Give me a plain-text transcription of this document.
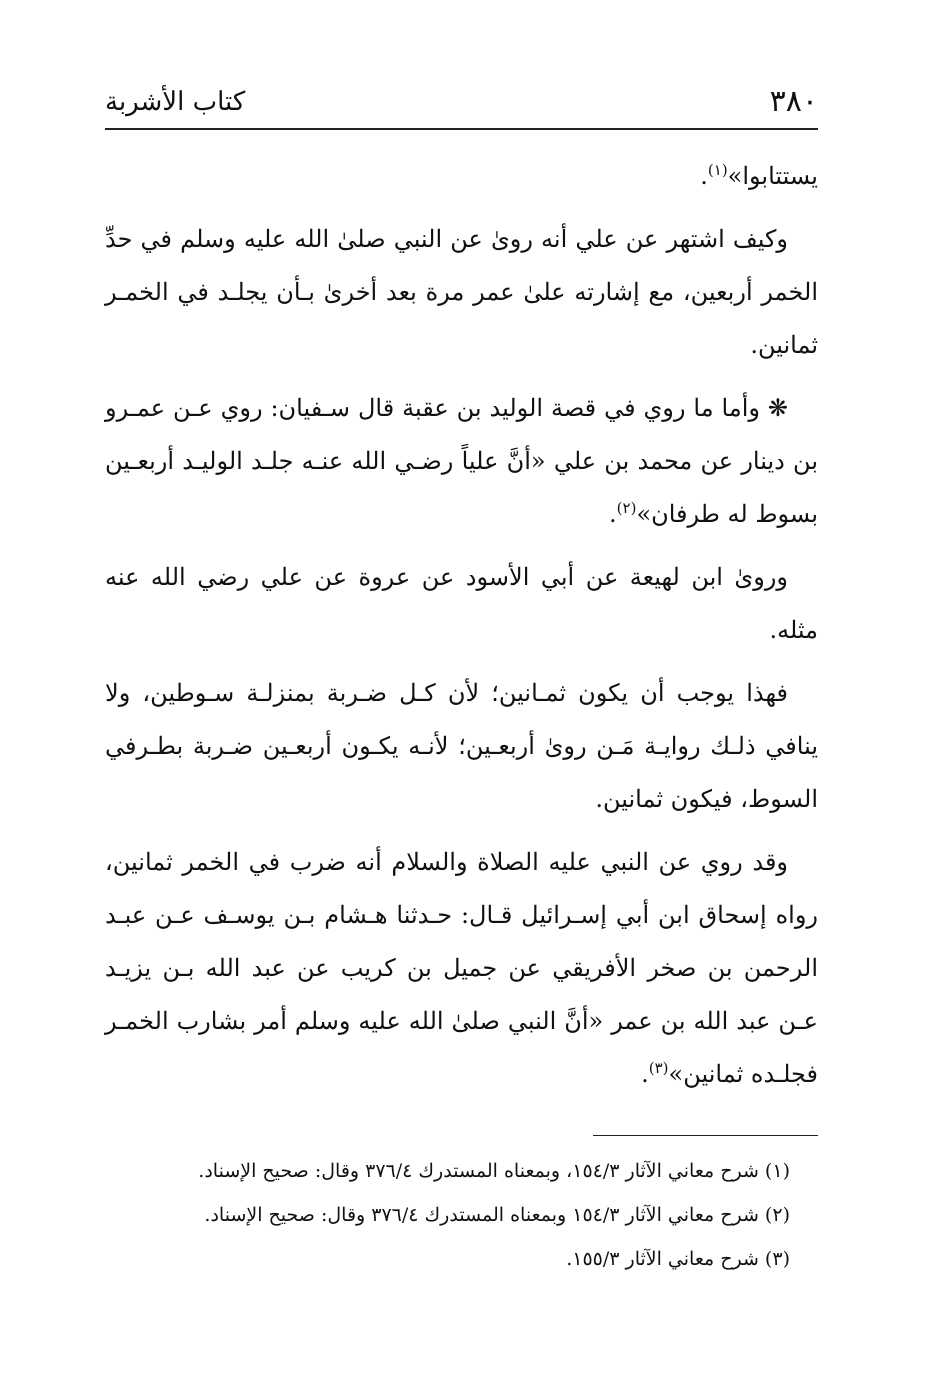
٣٨٠
كتاب الأشربة

يستتابوا»$^{(١)}$.

وكيف اشتهر عن علي أنه روىٰ عن النبي صلىٰ الله عليه وسلم في حدِّ الخمر أربعين، مع إشارته علىٰ عمر مرة بعد أخرىٰ بـأن يجلـد في الخمـر ثمانين.

❋ وأما ما روي في قصة الوليد بن عقبة قال سـفيان: روي عـن عمـرو بن دينار عن محمد بن علي «أنَّ علياً رضـي الله عنـه جلـد الوليـد أربعـين بسوط له طرفان»$^{(٢)}$.

وروىٰ ابن لهيعة عن أبي الأسود عن عروة عن علي رضي الله عنه مثله.

فهذا يوجب أن يكون ثمـانين؛ لأن كـل ضـربة بمنزلـة سـوطين، ولا ينافي ذلـك روايـة مَـن روىٰ أربعـين؛ لأنـه يكـون أربعـين ضـربة بطـرفي السوط، فيكون ثمانين.

وقد روي عن النبي عليه الصلاة والسلام أنه ضرب في الخمر ثمانين، رواه إسحاق ابن أبي إسـرائيل قـال: حـدثنا هـشام بـن يوسـف عـن عبـد الرحمن بن صخر الأفريقي عن جميل بن كريب عن عبد الله بـن يزيـد عـن عبد الله بن عمر «أنَّ النبي صلىٰ الله عليه وسلم أمر بشارب الخمـر فجلـده ثمانين»$^{(٣)}$.

(١) شرح معاني الآثار ١٥٤/٣، وبمعناه المستدرك ٣٧٦/٤ وقال: صحيح الإسناد.

(٢) شرح معاني الآثار ١٥٤/٣ وبمعناه المستدرك ٣٧٦/٤ وقال: صحيح الإسناد.

(٣) شرح معاني الآثار ١٥٥/٣.
